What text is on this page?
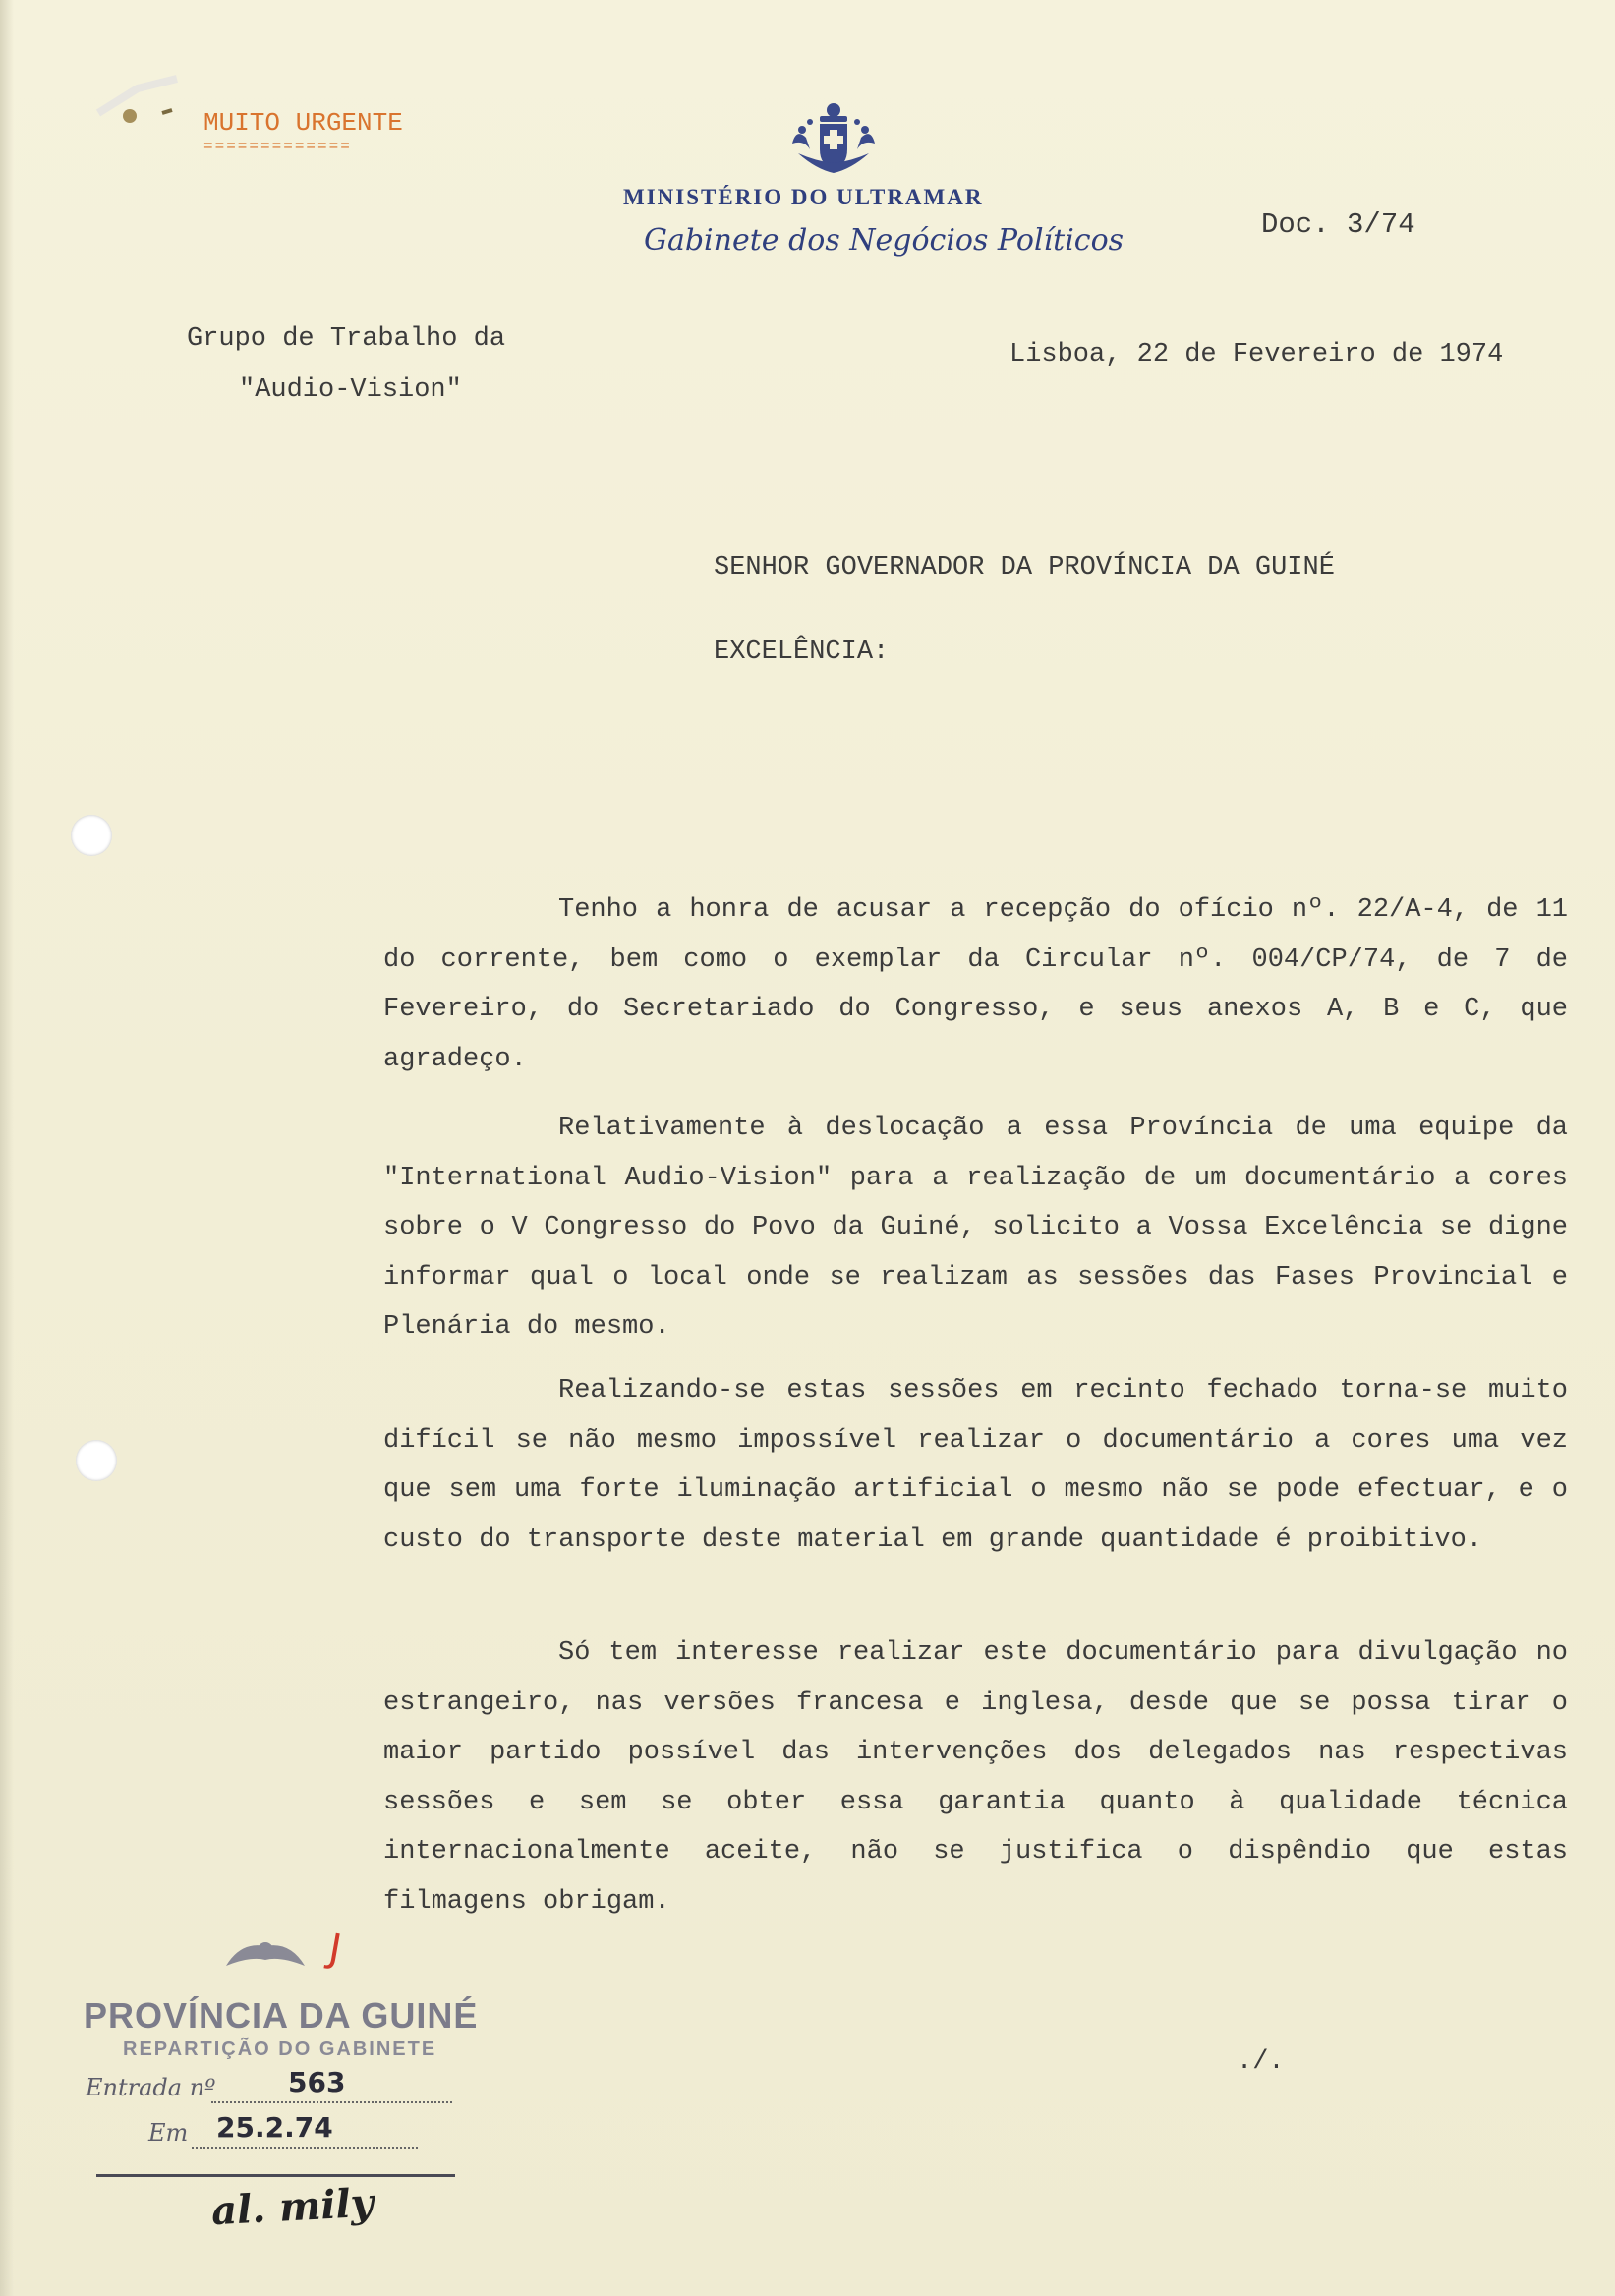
MUITO URGENTE
=============
MINISTÉRIO DO ULTRAMAR
Gabinete dos Negócios Políticos	Doc. 3/74
Grupo de Trabalho da
"Audio-Vision"
Lisboa, 22 de Fevereiro de 1974
SENHOR GOVERNADOR DA PROVÍNCIA DA GUINÉ
EXCELÊNCIA:

Tenho a honra de acusar a recepção do ofício nº. 22/A-4, de 11 do corrente, bem como o exemplar da Circular nº. 004/CP/74, de 7 de Fevereiro, do Secretariado do Congresso, e seus anexos A, B e C, que agradeço.

Relativamente à deslocação a essa Província de uma equipe da "International Audio-Vision" para a realização de um documentário a cores sobre o V Congresso do Povo da Guiné, solicito a Vossa Excelência se digne informar qual o local onde se realizam as sessões das Fases Provincial e Plenária do mesmo.

Realizando-se estas sessões em recinto fechado torna-se muito difícil se não mesmo impossível realizar o documentário a cores uma vez que sem uma forte iluminação artificial o mesmo não se pode efectuar, e o custo do transporte deste material em grande quantidade é proibitivo.

Só tem interesse realizar este documentário para divulgação no estrangeiro, nas versões francesa e inglesa, desde que se possa tirar o maior partido possível das intervenções dos delegados nas respectivas sessões e sem se obter essa garantia quanto à qualidade técnica internacionalmente aceite, não se justifica o dispêndio que estas filmagens obrigam.

./.
J
PROVÍNCIA DA GUINÉ
REPARTIÇÃO DO GABINETE
Entrada nº	563
Em 25.2.74
al. mily
